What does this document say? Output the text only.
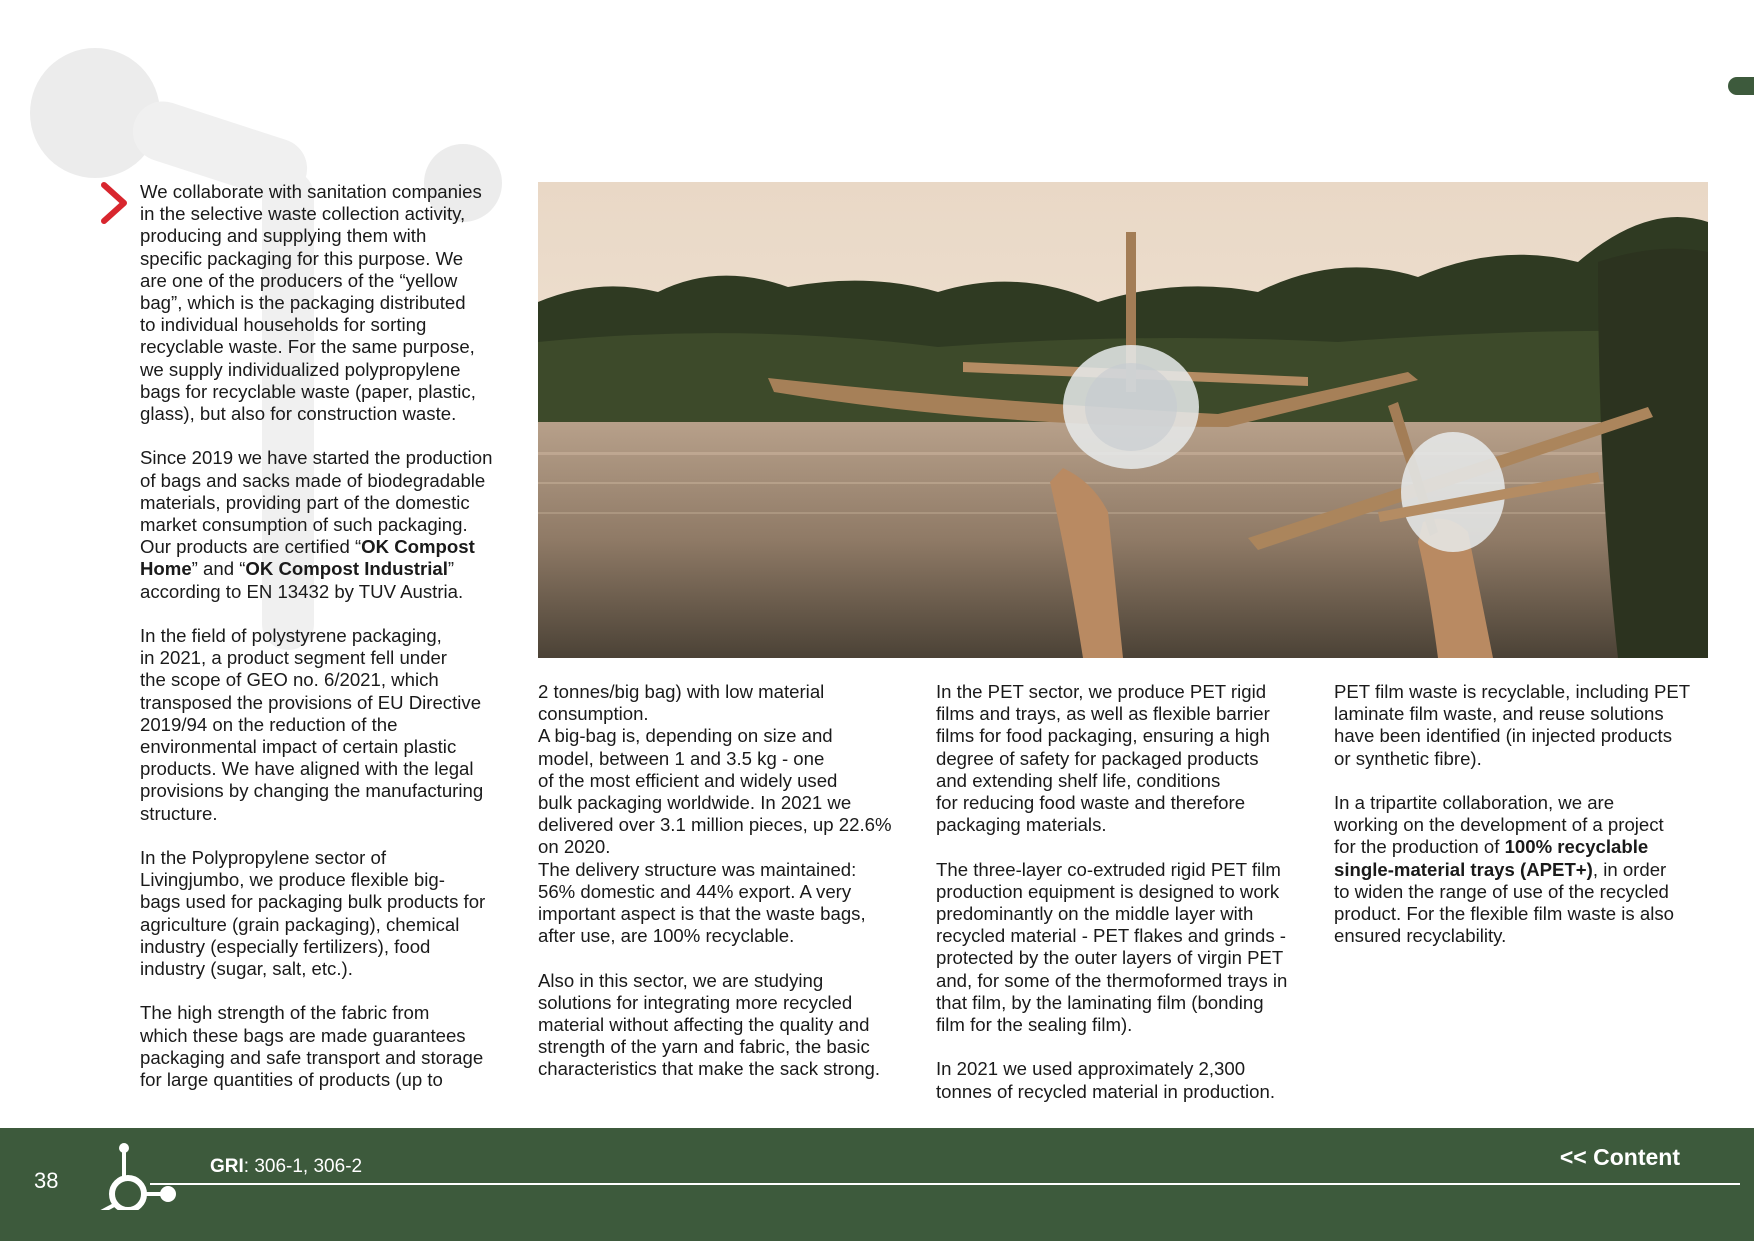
We collaborate with sanitation companies
in the selective waste collection activity,
producing and supplying them with
specific packaging for this purpose. We
are one of the producers of the “yellow
bag”, which is the packaging distributed
to individual households for sorting
recyclable waste. For the same purpose,
we supply individualized polypropylene
bags for recyclable waste (paper, plastic,
glass), but also for construction waste.

Since 2019 we have started the production
of bags and sacks made of biodegradable
materials, providing part of the domestic
market consumption of such packaging.
Our products are certified “OK Compost
Home” and “OK Compost Industrial”
according to EN 13432 by TUV Austria.

In the field of polystyrene packaging,
in 2021, a product segment fell under
the scope of GEO no. 6/2021, which
transposed the provisions of EU Directive
2019/94 on the reduction of the
environmental impact of certain plastic
products. We have aligned with the legal
provisions by changing the manufacturing
structure.

In the Polypropylene sector of
Livingjumbo, we produce flexible big-
bags used for packaging bulk products for
agriculture (grain packaging), chemical
industry (especially fertilizers), food
industry (sugar, salt, etc.).

The high strength of the fabric from
which these bags are made guarantees
packaging and safe transport and storage
for large quantities of products (up to

2 tonnes/big bag) with low material
consumption.

A big-bag is, depending on size and
model, between 1 and 3.5 kg - one
of the most efficient and widely used
bulk packaging worldwide. In 2021 we
delivered over 3.1 million pieces, up 22.6%
on 2020.

The delivery structure was maintained:
56% domestic and 44% export. A very
important aspect is that the waste bags,
after use, are 100% recyclable.

Also in this sector, we are studying
solutions for integrating more recycled
material without affecting the quality and
strength of the yarn and fabric, the basic
characteristics that make the sack strong.

In the PET sector, we produce PET rigid
films and trays, as well as flexible barrier
films for food packaging, ensuring a high
degree of safety for packaged products
and extending shelf life, conditions
for reducing food waste and therefore
packaging materials.

The three-layer co-extruded rigid PET film
production equipment is designed to work
predominantly on the middle layer with
recycled material - PET flakes and grinds -
protected by the outer layers of virgin PET
and, for some of the thermoformed trays in
that film, by the laminating film (bonding
film for the sealing film).

In 2021 we used approximately 2,300
tonnes of recycled material in production.

PET film waste is recyclable, including PET
laminate film waste, and reuse solutions
have been identified (in injected products
or synthetic fibre).

In a tripartite collaboration, we are
working on the development of a project
for the production of 100% recyclable
single-material trays (APET+), in order
to widen the range of use of the recycled
product. For the flexible film waste is also
ensured recyclability.

38
GRI: 306-1, 306-2	<< Content
